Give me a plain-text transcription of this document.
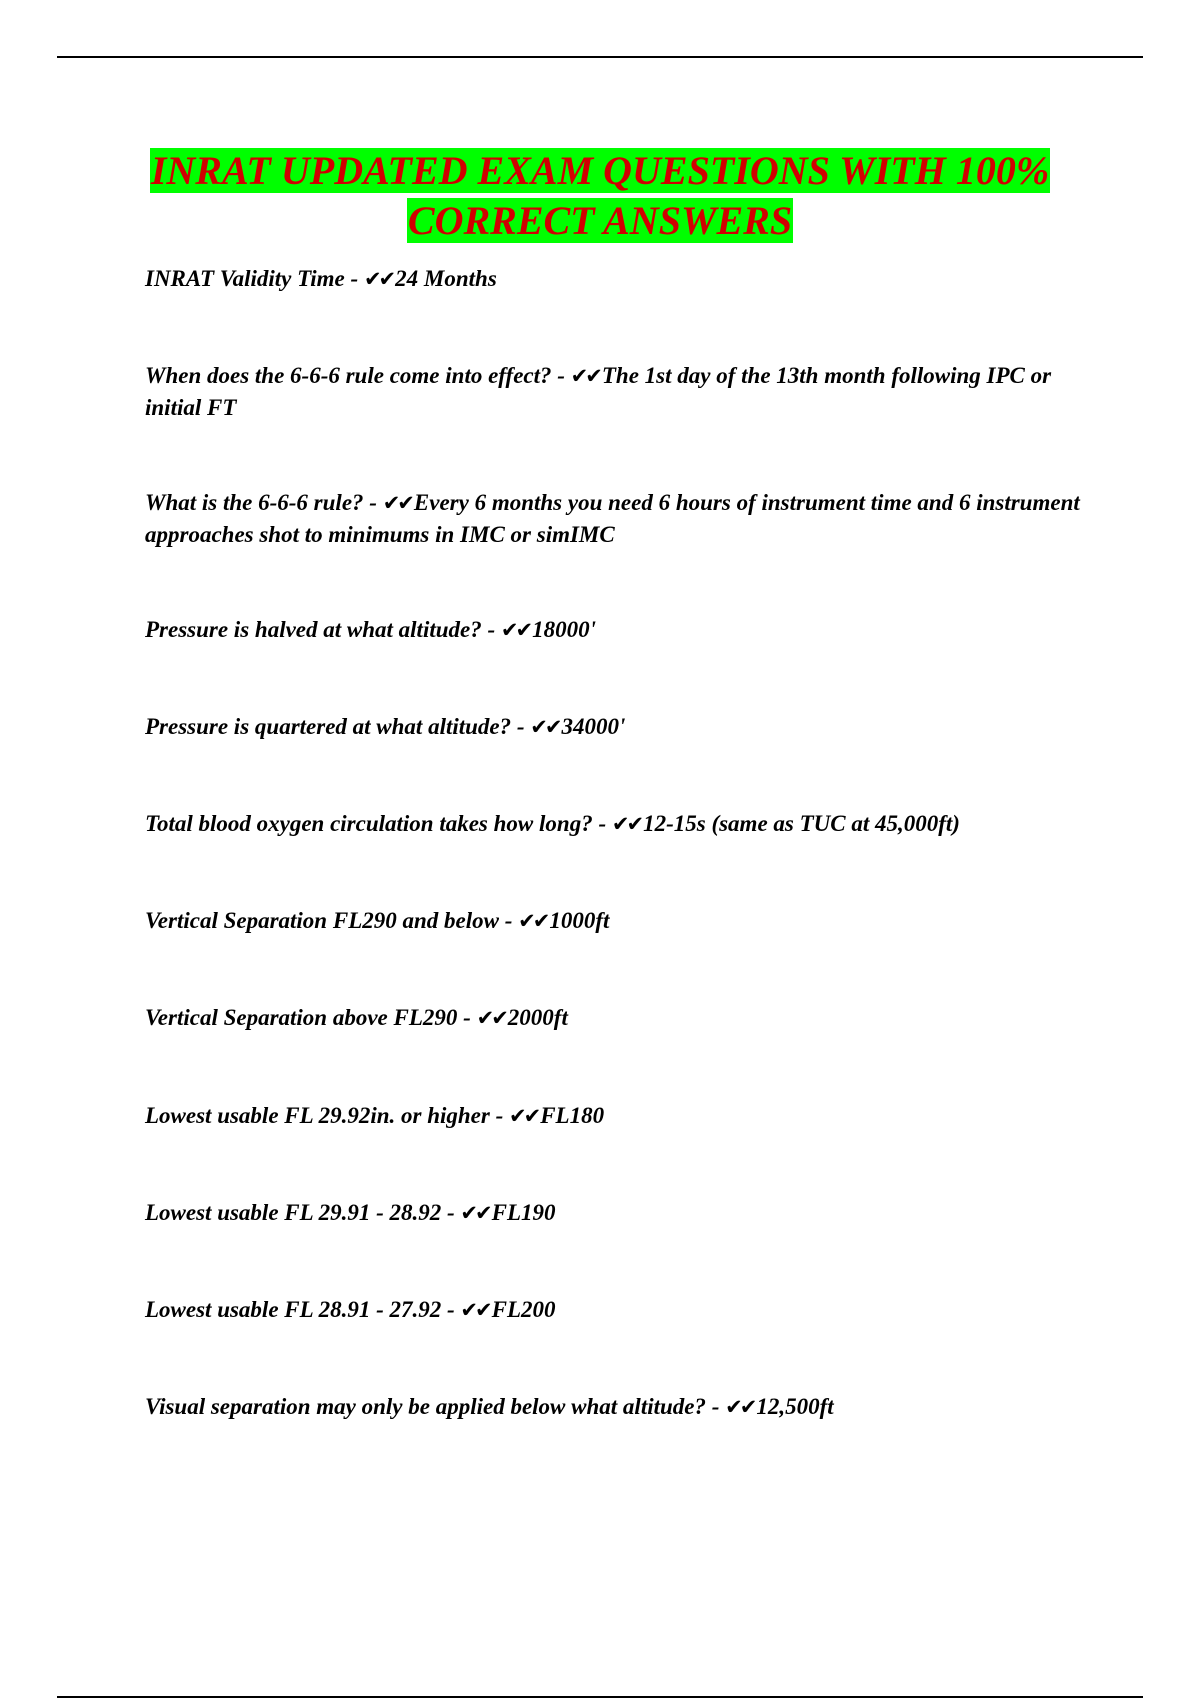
INRAT UPDATED EXAM QUESTIONS WITH 100%
CORRECT ANSWERS

INRAT Validity Time - ✔✔24 Months

When does the 6-6-6 rule come into effect? - ✔✔The 1st day of the 13th month following IPC or initial FT

What is the 6-6-6 rule? - ✔✔Every 6 months you need 6 hours of instrument time and 6 instrument approaches shot to minimums in IMC or simIMC

Pressure is halved at what altitude? - ✔✔18000'

Pressure is quartered at what altitude? - ✔✔34000'

Total blood oxygen circulation takes how long? - ✔✔12-15s (same as TUC at 45,000ft)

Vertical Separation FL290 and below - ✔✔1000ft

Vertical Separation above FL290 - ✔✔2000ft

Lowest usable FL 29.92in. or higher - ✔✔FL180

Lowest usable FL 29.91 - 28.92 - ✔✔FL190

Lowest usable FL 28.91 - 27.92 - ✔✔FL200

Visual separation may only be applied below what altitude? - ✔✔12,500ft
